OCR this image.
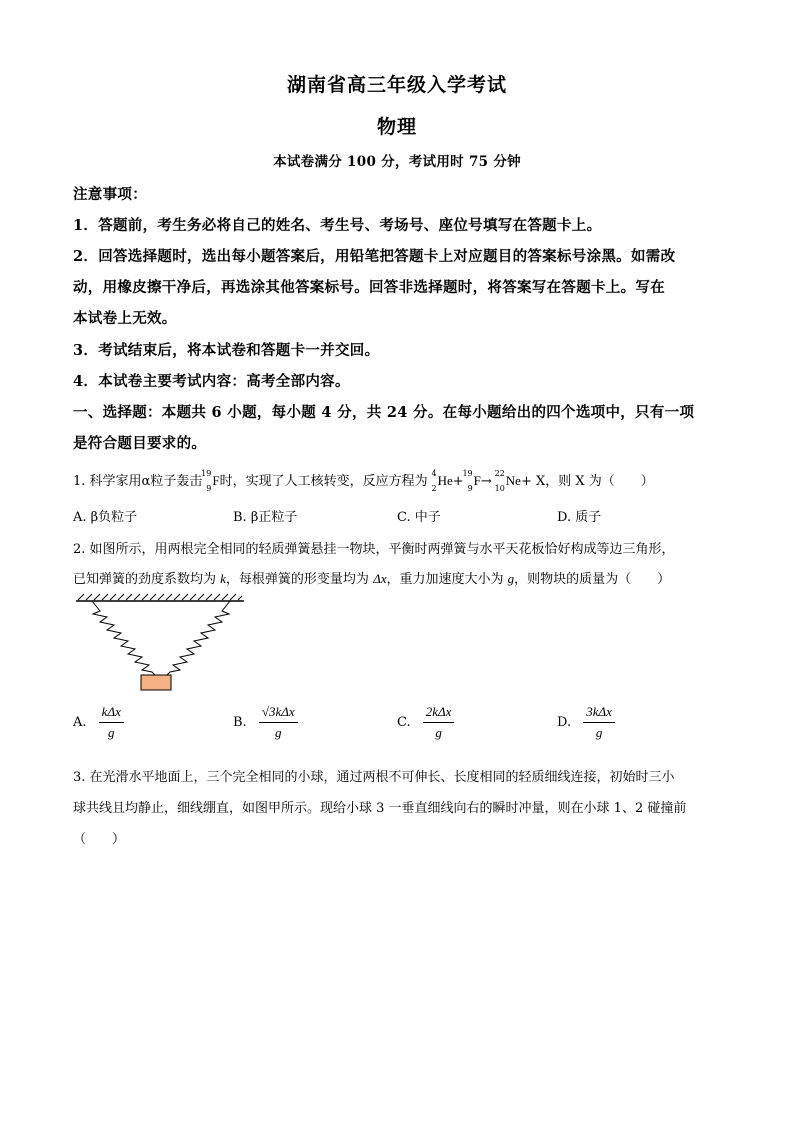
湖南省高三年级入学考试
物理
本试卷满分 100 分，考试用时 75 分钟
注意事项：
1．答题前，考生务必将自己的姓名、考生号、考场号、座位号填写在答题卡上。
2．回答选择题时，选出每小题答案后，用铅笔把答题卡上对应题目的答案标号涂黑。如需改
动，用橡皮擦干净后，再选涂其他答案标号。回答非选择题时，将答案写在答题卡上。写在
本试卷上无效。
3．考试结束后，将本试卷和答题卡一并交回。
4．本试卷主要考试内容：高考全部内容。
一、选择题：本题共 6 小题，每小题 4 分，共 24 分。在每小题给出的四个选项中，只有一项
是符合题目要求的。
1. 科学家用α粒子轰击
19
9
F时，实现了人工核转变，反应方程为
4
2
He+
19
9
F→
22
10
Ne+ X，则 X 为（　　）
A. β负粒子	B. β正粒子	C. 中子	D. 质子
2. 如图所示，用两根完全相同的轻质弹簧悬挂一物块，平衡时两弹簧与水平天花板恰好构成等边三角形，
已知弹簧的劲度系数均为 k，每根弹簧的形变量均为 Δx，重力加速度大小为 g，则物块的质量为（　　）
A. $\frac{\text{kΔx}}{g}$	B. $\frac{\text{√3kΔx}}{g}$	C. $\frac{\text{2kΔx}}{g}$	D. $\frac{\text{3kΔx}}{g}$
3. 在光滑水平地面上，三个完全相同的小球，通过两根不可伸长、长度相同的轻质细线连接，初始时三小
球共线且均静止，细线绷直，如图甲所示。现给小球 3 一垂直细线向右的瞬时冲量，则在小球 1、2 碰撞前
（　　）
